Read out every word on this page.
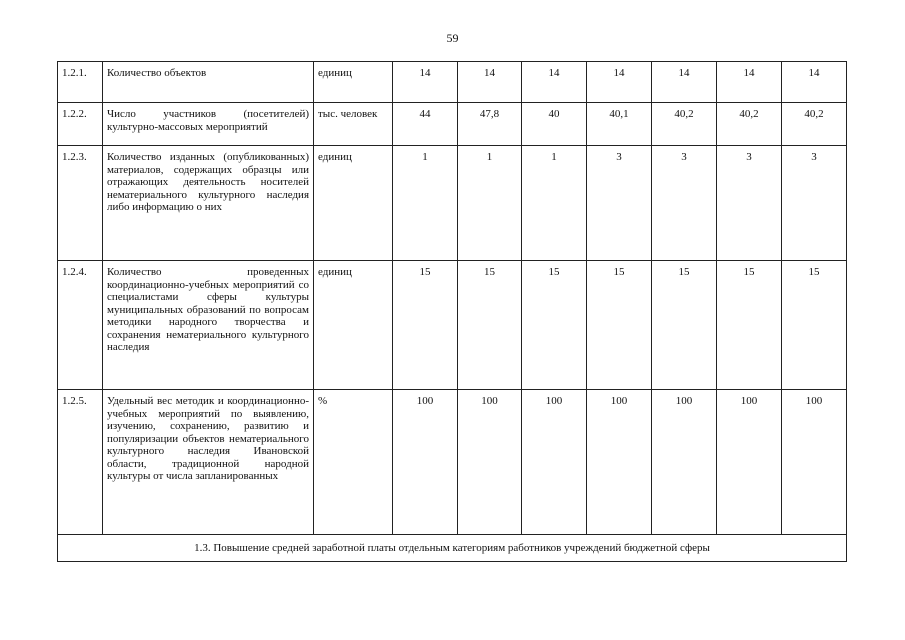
59
1.2.1.	Количество объектов	единиц	14	14	14	14	14	14	14
1.2.2.	Число участников (посетителей) культурно-массовых мероприятий	тыс. человек	44	47,8	40	40,1	40,2	40,2	40,2
1.2.3.	Количество изданных (опубликованных) материалов, содержащих образцы или отражающих деятельность носителей нематериального культурного наследия либо информацию о них	единиц	1	1	1	3	3	3	3
1.2.4.	Количество проведенных координационно-учебных мероприятий со специалистами сферы культуры муниципальных образований по вопросам методики народного творчества и сохранения нематериального культурного наследия	единиц	15	15	15	15	15	15	15
1.2.5.	Удельный вес методик и координационно-учебных мероприятий по выявлению, изучению, сохранению, развитию и популяризации объектов нематериального культурного наследия Ивановской области, традиционной народной культуры от числа запланированных	%	100	100	100	100	100	100	100
1.3. Повышение средней заработной платы отдельным категориям работников учреждений бюджетной сферы									
